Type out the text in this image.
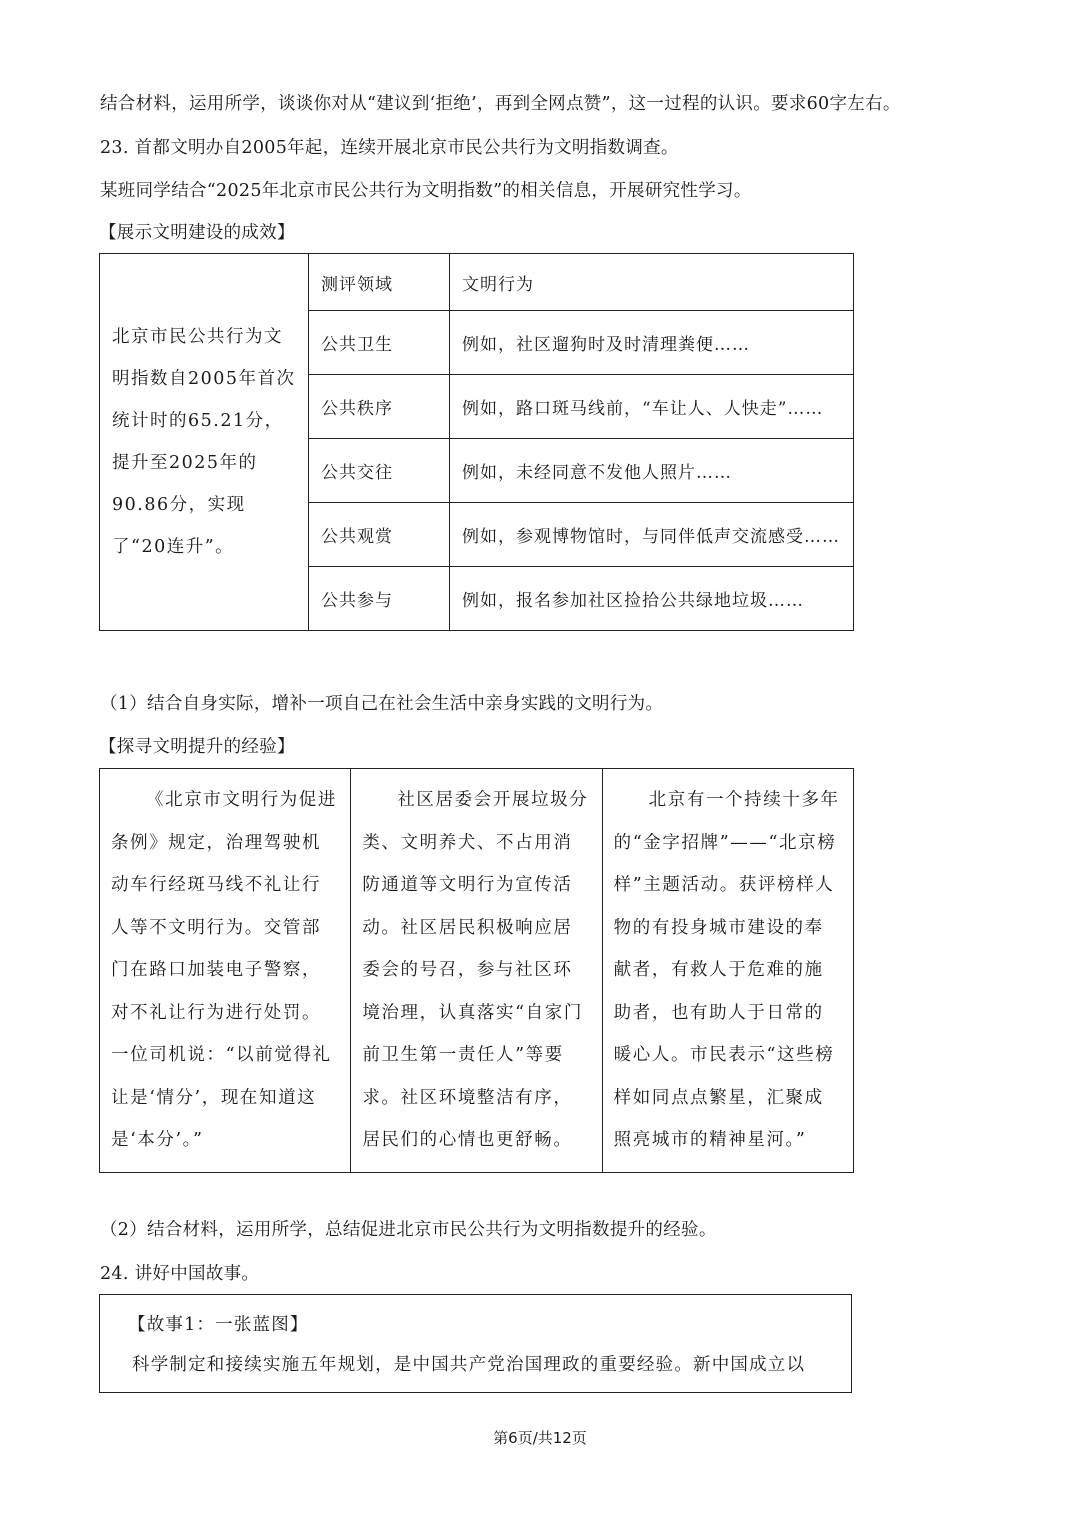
结合材料，运用所学，谈谈你对从“建议到‘拒绝’，再到全网点赞”，这一过程的认识。要求60字左右。
23. 首都文明办自2005年起，连续开展北京市民公共行为文明指数调查。
某班同学结合“2025年北京市民公共行为文明指数”的相关信息，开展研究性学习。
【展示文明建设的成效】
北京市民公共行为文明指数自2005年首次统计时的65.21分，提升至2025年的90.86分，实现了“20连升”。	测评领域	文明行为
	公共卫生	例如，社区遛狗时及时清理粪便……
	公共秩序	例如，路口斑马线前，“车让人、人快走”……
	公共交往	例如，未经同意不发他人照片……
	公共观赏	例如，参观博物馆时，与同伴低声交流感受……
	公共参与	例如，报名参加社区捡拾公共绿地垃圾……
（1）结合自身实际，增补一项自己在社会生活中亲身实践的文明行为。
【探寻文明提升的经验】
《北京市文明行为促进条例》规定，治理驾驶机动车行经斑马线不礼让行人等不文明行为。交管部门在路口加装电子警察，对不礼让行为进行处罚。一位司机说：“以前觉得礼让是‘情分’，现在知道这是‘本分’。”	社区居委会开展垃圾分类、文明养犬、不占用消防通道等文明行为宣传活动。社区居民积极响应居委会的号召，参与社区环境治理，认真落实“自家门前卫生第一责任人”等要求。社区环境整洁有序，居民们的心情也更舒畅。	北京有一个持续十多年的“金字招牌”——“北京榜样”主题活动。获评榜样人物的有投身城市建设的奉献者，有救人于危难的施助者，也有助人于日常的暖心人。市民表示“这些榜样如同点点繁星，汇聚成照亮城市的精神星河。”
（2）结合材料，运用所学，总结促进北京市民公共行为文明指数提升的经验。
24. 讲好中国故事。
【故事1：一张蓝图】
科学制定和接续实施五年规划，是中国共产党治国理政的重要经验。新中国成立以
第6页/共12页
